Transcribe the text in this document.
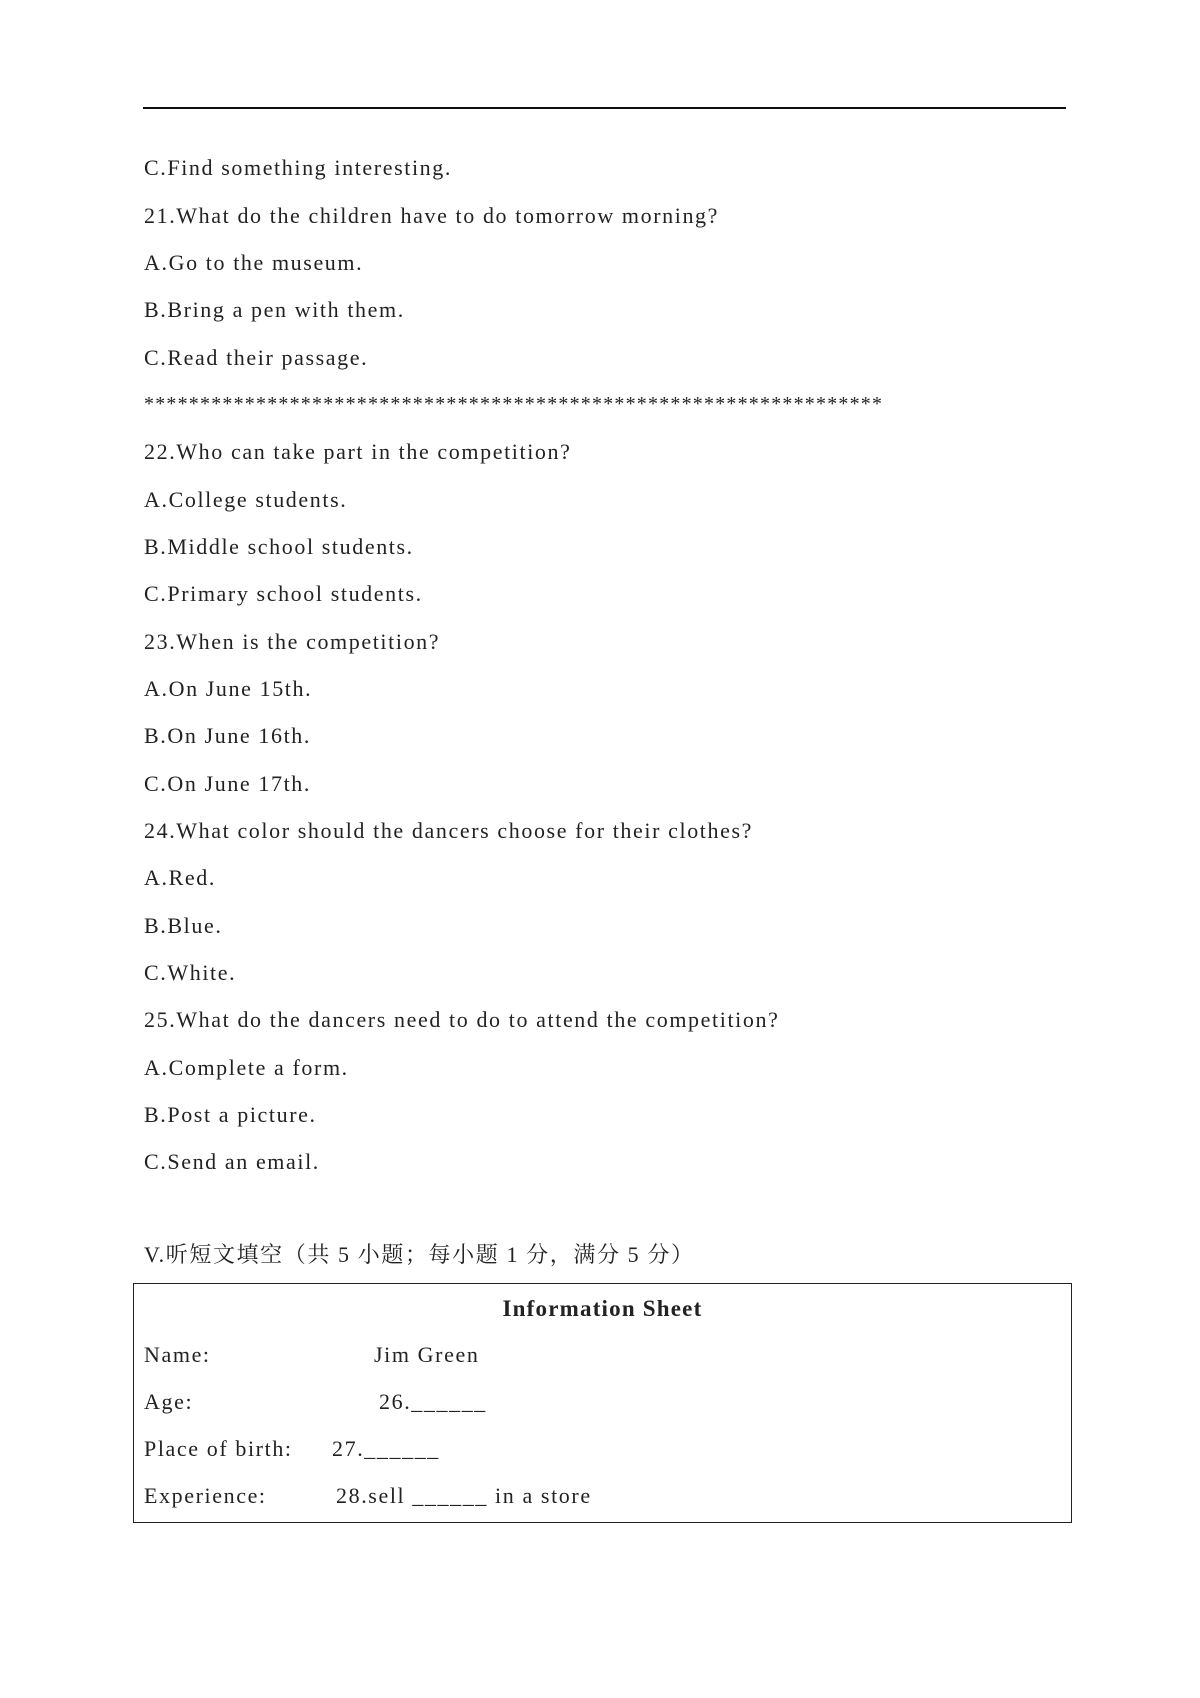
C.Find something interesting.
21.What do the children have to do tomorrow morning?
A.Go to the museum.
B.Bring a pen with them.
C.Read their passage.
******************************************************************
22.Who can take part in the competition?
A.College students.
B.Middle school students.
C.Primary school students.
23.When is the competition?
A.On June 15th.
B.On June 16th.
C.On June 17th.
24.What color should the dancers choose for their clothes?
A.Red.
B.Blue.
C.White.
25.What do the dancers need to do to attend the competition?
A.Complete a form.
B.Post a picture.
C.Send an email.
V.听短文填空（共 5 小题；每小题 1 分，满分 5 分）
Information Sheet
Name:	Jim Green
Age:	26.______
Place of birth: 27.______
Experience:	28.sell ______ in a store
